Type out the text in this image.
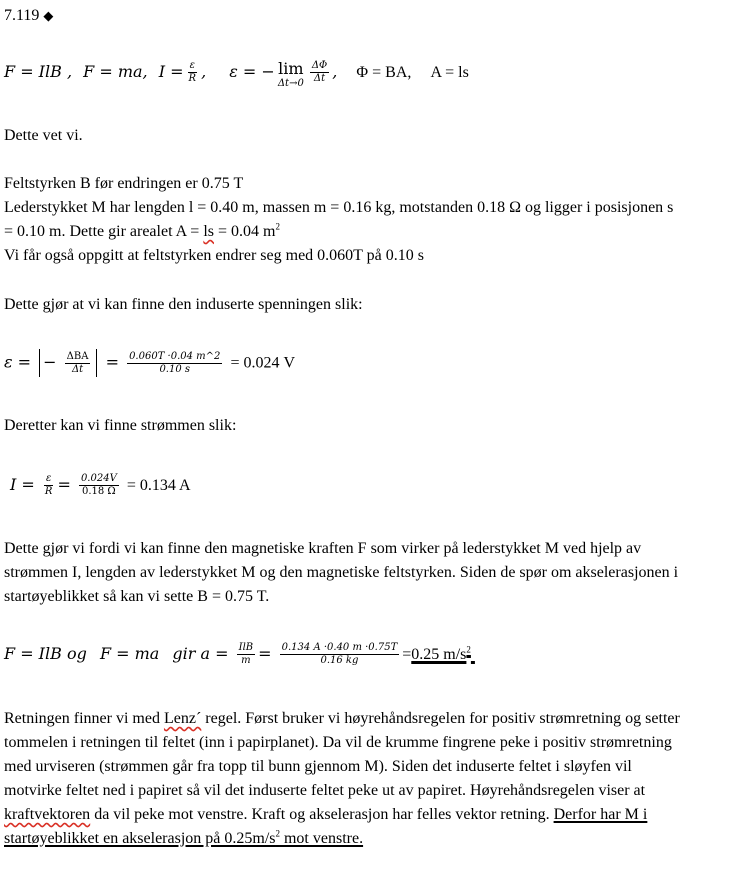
7.119 ◆
F = IlB , F = ma, $I = \frac{\varepsilon}{R}$ , ε = − lim
$\Delta t\to 0 \frac{\Delta\Phi}{\Delta t}$ , Φ = BA, A = ls
Dette vet vi.
Feltstyrken B før endringen er 0.75 T
Lederstykket M har lengden l = 0.40 m, massen m = 0.16 kg, motstanden 0.18 Ω og ligger i posisjonen s
= 0.10 m. Dette gir arealet A = ls = 0.04 $m^2$
Vi får også oppgitt at feltstyrken endrer seg med 0.060T på 0.10 s
Dette gjør at vi kan finne den induserte spenningen slik:
ε = − $\frac{\text{ΔBA}}{\Delta t} = \frac{0.060T \cdot 0.04 m\^{}2}{0.10 s} = 0.024$ V
Deretter kan vi finne strømmen slik:
$I = \frac{\varepsilon}{R} = \frac{0.024V}{0.18 \Omega} = 0.134$ A
Dette gjør vi fordi vi kan finne den magnetiske kraften F som virker på lederstykket M ved hjelp av
strømmen I, lengden av lederstykket M og den magnetiske feltstyrken. Siden de spør om akselerasjonen i
startøyeblikket så kan vi sette B = 0.75 T.
F = IlB og F = ma gir $a = \frac{\text{IlB}}{m} = \frac{0.134 A \cdot 0.40 m \cdot 0.75T}{0.16 kg} =0.25$ $m/s^2$
Retningen finner vi med Lenz´ regel. Først bruker vi høyrehåndsregelen for positiv strømretning og setter
tommelen i retningen til feltet (inn i papirplanet). Da vil de krumme fingrene peke i positiv strømretning
med urviseren (strømmen går fra topp til bunn gjennom M). Siden det induserte feltet i sløyfen vil
motvirke feltet ned i papiret så vil det induserte feltet peke ut av papiret. Høyrehåndsregelen viser at
kraftvektoren da vil peke mot venstre. Kraft og akselerasjon har felles vektor retning. Derfor har M i
startøyeblikket en akselerasjon på $0.25m/s^2$ mot venstre.
